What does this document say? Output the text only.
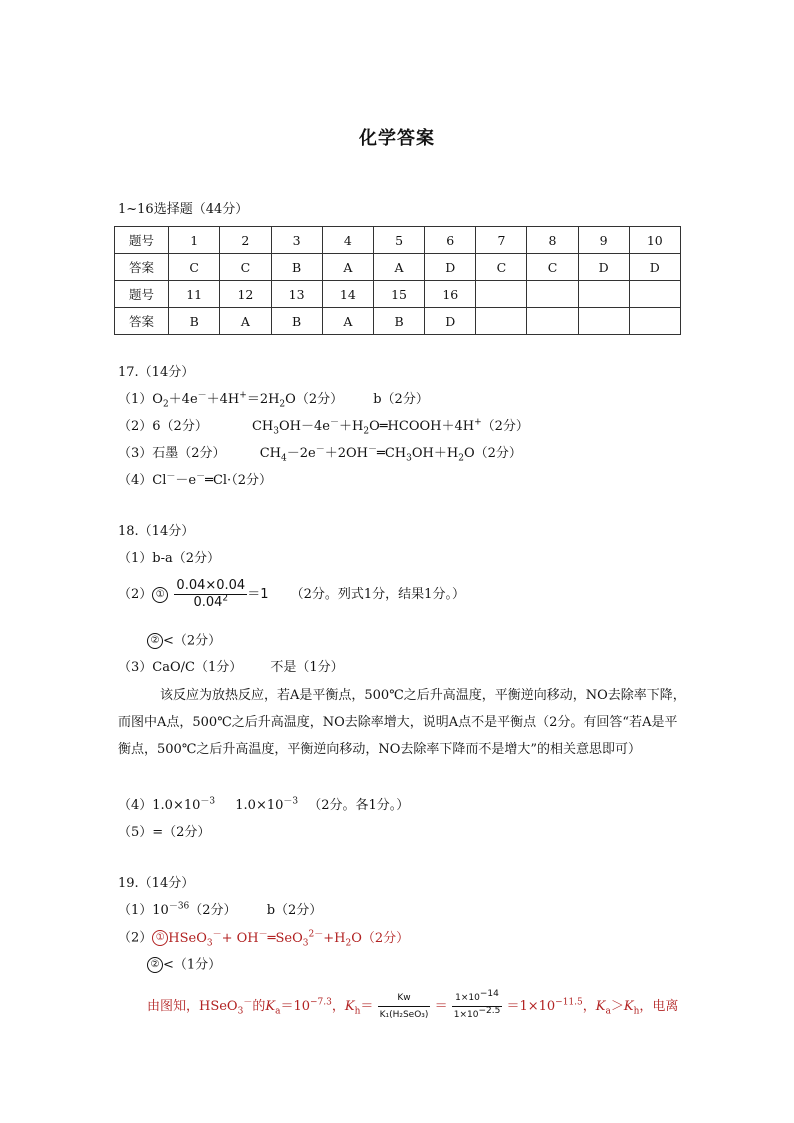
化学答案
1~16选择题（44分）
题号	1	2	3	4	5	6	7	8	9	10
答案	C	C	B	A	A	D	C	C	D	D
题号	11	12	13	14	15	16				
答案	B	A	B	A	B	D				
17.（14分）
$(1)O_2+4e^-+4H^+=2H_2O(2$分） b（2分）
（2）6（2分）	$CH_3OH-4e^-+H_2O═HCOOH+4H^+(2$分）
（3）石墨（2分）	$CH_4-2e^-+2OH^-═CH_3OH+H_2O(2$分）
（4）Cl－－e－═Cl·（2分）
18.（14分）
（1）b-a（2分）
（2） ① $\frac{0.04\times 0.04}{0.04^2} =1$ （2分。列式1分，结果1分。）
② <（2分）
（3）CaO/C（1分） 不是（1分）
该反应为放热反应，若A是平衡点，500℃之后升高温度，平衡逆向移动，NO去除率下降，而图中A点，500℃之后升高温度，NO去除率增大，说明A点不是平衡点（2分。有回答“若A是平衡点，500℃之后升高温度，平衡逆向移动，NO去除率下降而不是增大”的相关意思即可）
$(4)1.0\times 10^{-3}$ $1.0\times 10^{-3}$ （2分。各1分。）
（5）=（2分）
19.（14分）
$(1)10^{-36}(2$分） b（2分）
（2） ① HSeO$_3$－+ $OH^-═SeO_3^{2-}+H_2O(2$分）
② <（1分）
由图知，HSeO$_3$－的$K_a=10^{-7.3}$，$K_h= \frac{Kw}{\text{K₁(H₂SeO₃)}} = \frac{1\times 10^{-14}}{1\times 10^{-2.5}} =1\times 10^{-11.5}$，$K_a>K_h$，电离
